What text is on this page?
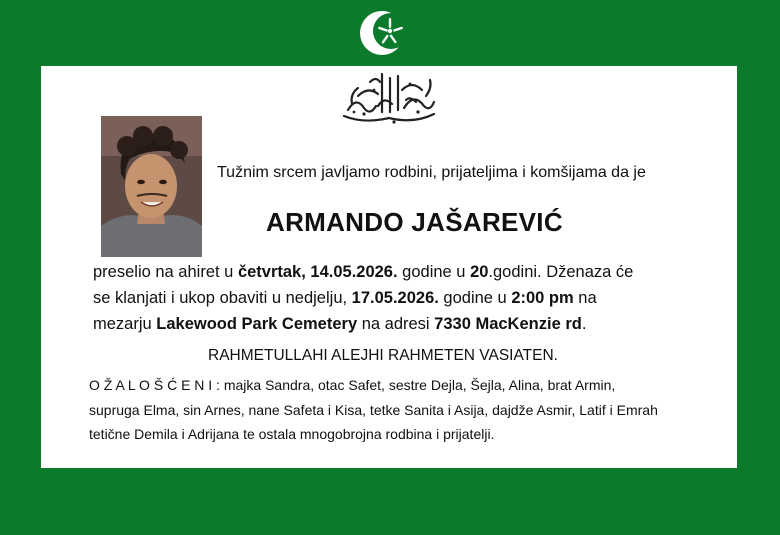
Tužnim srcem javljamo rodbini, prijateljima i komšijama da je
ARMANDO JAŠAREVIĆ
preselio na ahiret u četvrtak, 14.05.2026. godine u 20.godini. Dženaza će
se klanjati i ukop obaviti u nedjelju, 17.05.2026. godine u 2:00 pm na
mezarju Lakewood Park Cemetery na adresi 7330 MacKenzie rd.
RAHMETULLAHI ALEJHI RAHMETEN VASIATEN.
O Ž A L O Š Ć E N I : majka Sandra, otac Safet, sestre Dejla, Šejla, Alina, brat Armin,
supruga Elma, sin Arnes, nane Safeta i Kisa, tetke Sanita i Asija, dajdže Asmir, Latif i Emrah
tetične Demila i Adrijana te ostala mnogobrojna rodbina i prijatelji.
